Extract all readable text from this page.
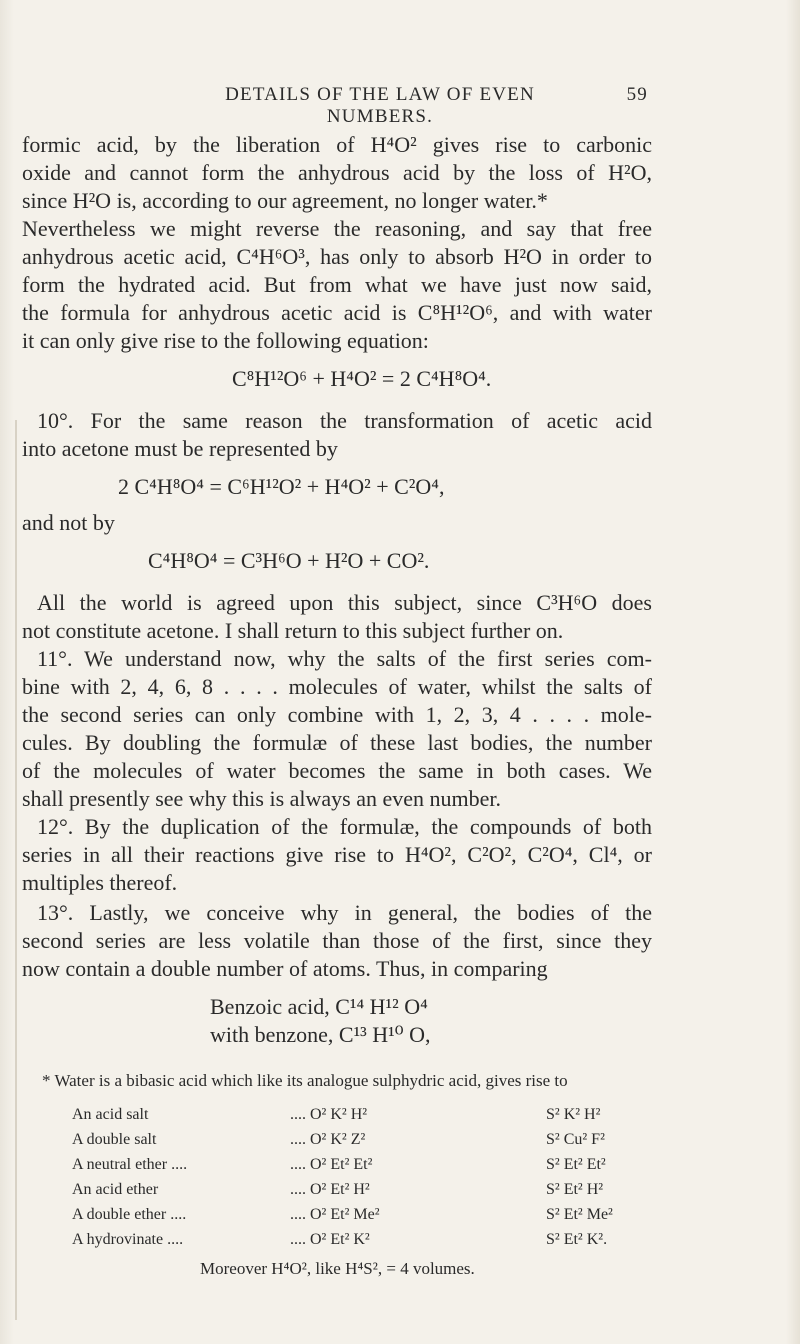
DETAILS OF THE LAW OF EVEN NUMBERS.
59
formic acid, by the liberation of H⁴O² gives rise to carbonic
oxide and cannot form the anhydrous acid by the loss of H²O,
since H²O is, according to our agreement, no longer water.*
Nevertheless we might reverse the reasoning, and say that free
anhydrous acetic acid, C⁴H⁶O³, has only to absorb H²O in order to
form the hydrated acid. But from what we have just now said,
the formula for anhydrous acetic acid is C⁸H¹²O⁶, and with water
it can only give rise to the following equation:
C⁸H¹²O⁶ + H⁴O² = 2 C⁴H⁸O⁴.
10°. For the same reason the transformation of acetic acid
into acetone must be represented by
2 C⁴H⁸O⁴ = C⁶H¹²O² + H⁴O² + C²O⁴,
and not by
C⁴H⁸O⁴ = C³H⁶O + H²O + CO².
All the world is agreed upon this subject, since C³H⁶O does
not constitute acetone. I shall return to this subject further on.
11°. We understand now, why the salts of the first series com-
bine with 2, 4, 6, 8 . . . . molecules of water, whilst the salts of
the second series can only combine with 1, 2, 3, 4 . . . . mole-
cules. By doubling the formulæ of these last bodies, the number
of the molecules of water becomes the same in both cases. We
shall presently see why this is always an even number.
12°. By the duplication of the formulæ, the compounds of both
series in all their reactions give rise to H⁴O², C²O², C²O⁴, Cl⁴, or
multiples thereof.
13°. Lastly, we conceive why in general, the bodies of the
second series are less volatile than those of the first, since they
now contain a double number of atoms. Thus, in comparing
Benzoic acid, C¹⁴ H¹² O⁴
with benzone, C¹³ H¹⁰ O,
* Water is a bibasic acid which like its analogue sulphydric acid, gives rise to
An acid salt	.... O² K² H²	S² K² H²
A double salt	.... O² K² Z²	S² Cu² F²
A neutral ether ....	.... O² Et² Et²	S² Et² Et²
An acid ether	.... O² Et² H²	S² Et² H²
A double ether ....	.... O² Et² Me²	S² Et² Me²
A hydrovinate ....	.... O² Et² K²	S² Et² K².
Moreover H⁴O², like H⁴S², = 4 volumes.
